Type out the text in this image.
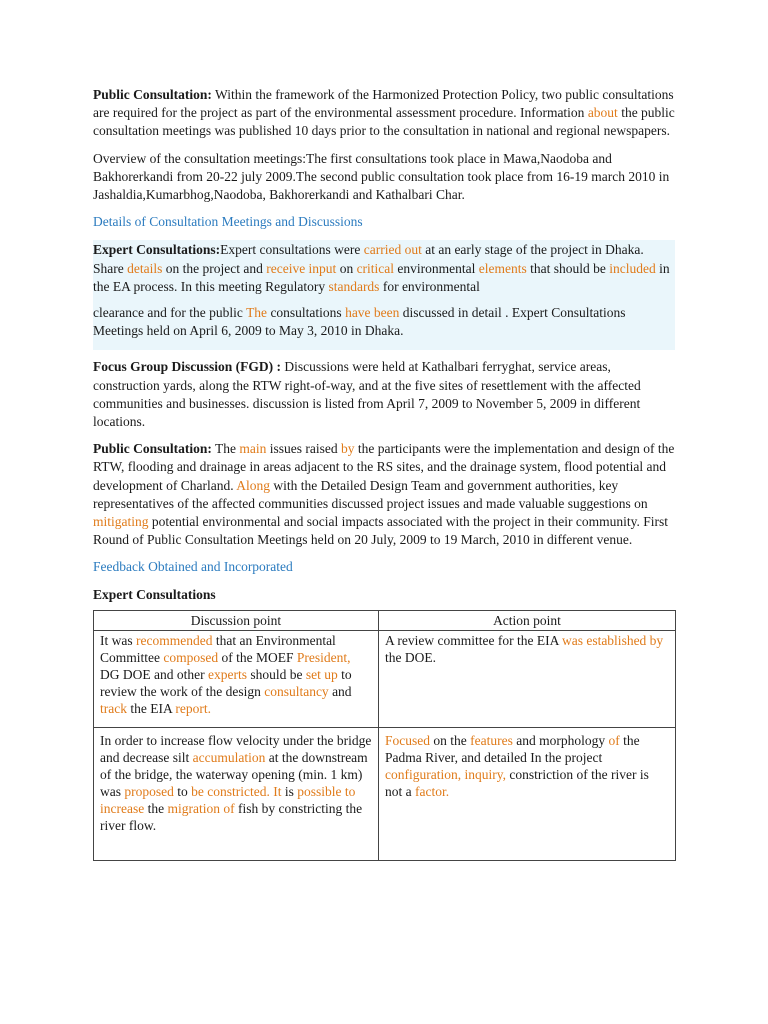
Public Consultation: Within the framework of the Harmonized Protection Policy, two public consultations are required for the project as part of the environmental assessment procedure. Information about the public consultation meetings was published 10 days prior to the consultation in national and regional newspapers.

Overview of the consultation meetings:The first consultations took place in Mawa,Naodoba and Bakhorerkandi from 20-22 july 2009.The second public consultation took place from 16-19 march 2010 in Jashaldia,Kumarbhog,Naodoba, Bakhorerkandi and Kathalbari Char.

Details of Consultation Meetings and Discussions

Expert Consultations:Expert consultations were carried out at an early stage of the project in Dhaka. Share details on the project and receive input on critical environmental elements that should be included in the EA process. In this meeting Regulatory standards for environmental

clearance and for the public The consultations have been discussed in detail . Expert Consultations Meetings held on April 6, 2009 to May 3, 2010 in Dhaka.

Focus Group Discussion (FGD) : Discussions were held at Kathalbari ferryghat, service areas, construction yards, along the RTW right-of-way, and at the five sites of resettlement with the affected communities and businesses. discussion is listed from April 7, 2009 to November 5, 2009 in different locations.

Public Consultation: The main issues raised by the participants were the implementation and design of the RTW, flooding and drainage in areas adjacent to the RS sites, and the drainage system, flood potential and development of Charland. Along with the Detailed Design Team and government authorities, key representatives of the affected communities discussed project issues and made valuable suggestions on mitigating potential environmental and social impacts associated with the project in their community. First Round of Public Consultation Meetings held on 20 July, 2009 to 19 March, 2010 in different venue.

Feedback Obtained and Incorporated

Expert Consultations

Discussion point	Action point
It was recommended that an Environmental Committee composed of the MOEF President, DG DOE and other experts should be set up to review the work of the design consultancy and track the EIA report.	A review committee for the EIA was established by the DOE.
In order to increase flow velocity under the bridge and decrease silt accumulation at the downstream of the bridge, the waterway opening (min. 1 km) was proposed to be constricted. It is possible to increase the migration of fish by constricting the river flow.	Focused on the features and morphology of the Padma River, and detailed In the project configuration, inquiry, constriction of the river is not a factor.
